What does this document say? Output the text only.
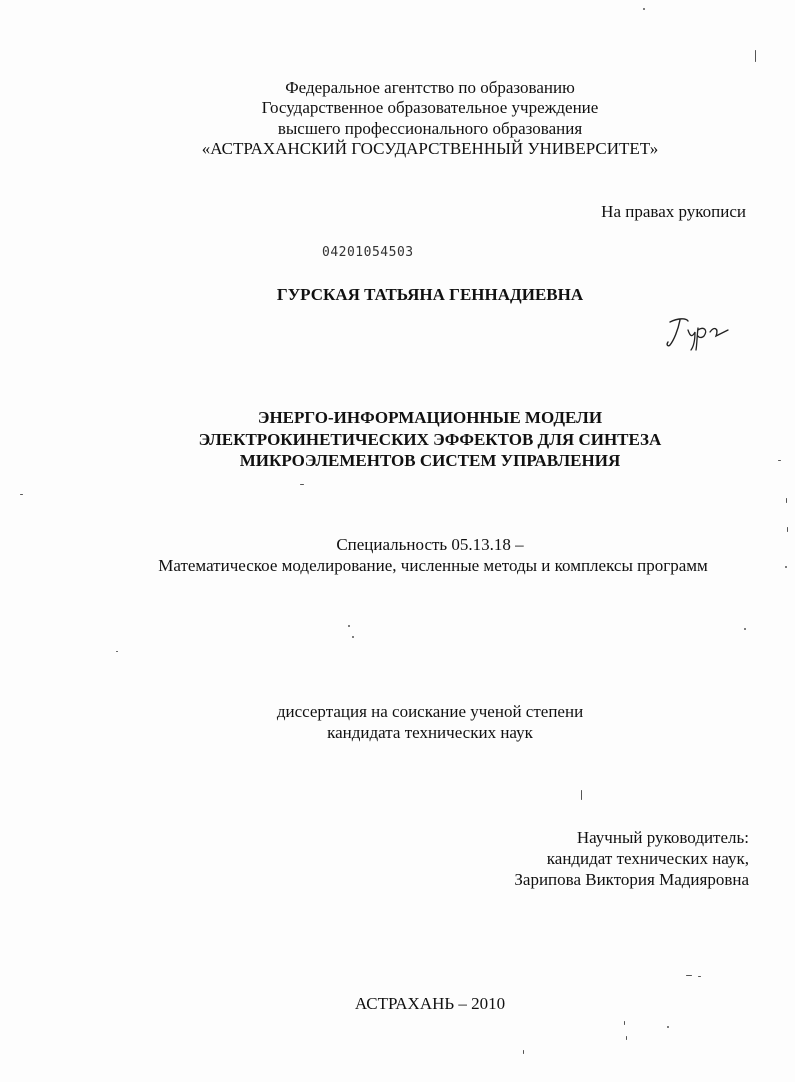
Федеральное агентство по образованию
Государственное образовательное учреждение
высшего профессионального образования
«АСТРАХАНСКИЙ ГОСУДАРСТВЕННЫЙ УНИВЕРСИТЕТ»
На правах рукописи
04201054503
ГУРСКАЯ ТАТЬЯНА ГЕННАДИЕВНА
ЭНЕРГО-ИНФОРМАЦИОННЫЕ МОДЕЛИ
ЭЛЕКТРОКИНЕТИЧЕСКИХ ЭФФЕКТОВ ДЛЯ СИНТЕЗА
МИКРОЭЛЕМЕНТОВ СИСТЕМ УПРАВЛЕНИЯ
Специальность 05.13.18 –
Математическое моделирование, численные методы и комплексы программ
диссертация на соискание ученой степени
кандидата технических наук
Научный руководитель:
кандидат технических наук,
Зарипова Виктория Мадияровна
АСТРАХАНЬ – 2010
